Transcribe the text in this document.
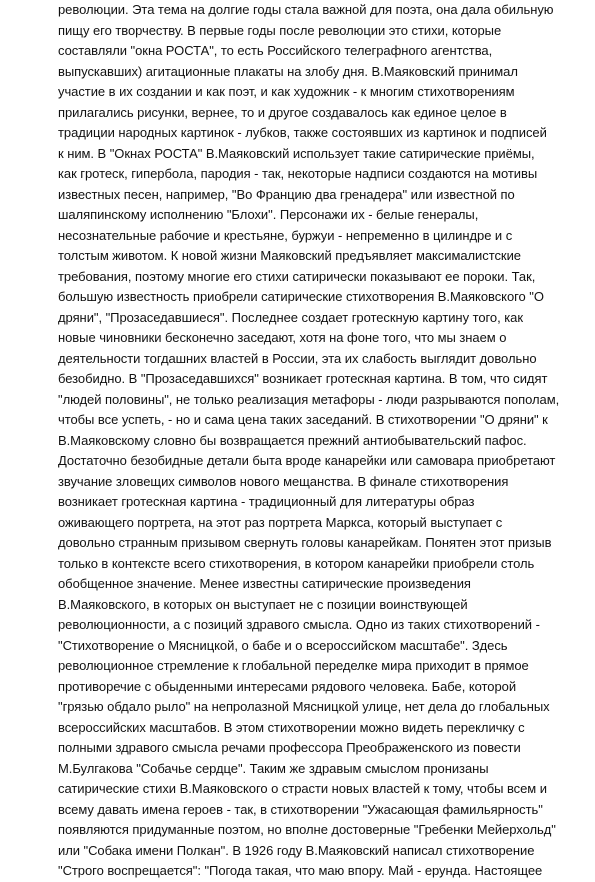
революции. Эта тема на долгие годы стала важной для поэта, она дала обильную
пищу его творчеству. В первые годы после революции это стихи, которые
составляли "окна РОСТА", то есть Российского телеграфного агентства,
выпускавших) агитационные плакаты на злобу дня. В.Маяковский принимал
участие в их создании и как поэт, и как художник - к многим стихотворениям
прилагались рисунки, вернее, то и другое создавалось как единое целое в
традиции народных картинок - лубков, также состоявших из картинок и подписей
к ним. В "Окнах РОСТА" В.Маяковский использует такие сатирические приёмы,
как гротеск, гипербола, пародия - так, некоторые надписи создаются на мотивы
известных песен, например, "Во Францию два гренадера" или известной по
шаляпинскому исполнению "Блохи". Персонажи их - белые генералы,
несознательные рабочие и крестьяне, буржуи - непременно в цилиндре и с
толстым животом. К новой жизни Маяковский предъявляет максималистские
требования, поэтому многие его стихи сатирически показывают ее пороки. Так,
большую известность приобрели сатирические стихотворения В.Маяковского "О
дряни", "Прозаседавшиеся". Последнее создает гротескную картину того, как
новые чиновники бесконечно заседают, хотя на фоне того, что мы знаем о
деятельности тогдашних властей в России, эта их слабость выглядит довольно
безобидно. В "Прозаседавшихся" возникает гротескная картина. В том, что сидят
"людей половины", не только реализация метафоры - люди разрываются пополам,
чтобы все успеть, - но и сама цена таких заседаний. В стихотворении "О дряни" к
В.Маяковскому словно бы возвращается прежний антиобывательский пафос.
Достаточно безобидные детали быта вроде канарейки или самовара приобретают
звучание зловещих символов нового мещанства. В финале стихотворения
возникает гротескная картина - традиционный для литературы образ
оживающего портрета, на этот раз портрета Маркса, который выступает с
довольно странным призывом свернуть головы канарейкам. Понятен этот призыв
только в контексте всего стихотворения, в котором канарейки приобрели столь
обобщенное значение. Менее известны сатирические произведения
В.Маяковского, в которых он выступает не с позиции воинствующей
революционности, а с позиций здравого смысла. Одно из таких стихотворений -
"Стихотворение о Мясницкой, о бабе и о всероссийском масштабе". Здесь
революционное стремление к глобальной переделке мира приходит в прямое
противоречие с обыденными интересами рядового человека. Бабе, которой
"грязью обдало рыло" на непролазной Мясницкой улице, нет дела до глобальных
всероссийских масштабов. В этом стихотворении можно видеть перекличку с
полными здравого смысла речами профессора Преображенского из повести
М.Булгакова "Собачье сердце". Таким же здравым смыслом пронизаны
сатирические стихи В.Маяковского о страсти новых властей к тому, чтобы всем и
всему давать имена героев - так, в стихотворении "Ужасающая фамильярность"
появляются придуманные поэтом, но вполне достоверные "Гребенки Мейерхольд"
или "Собака имени Полкан". В 1926 году В.Маяковский написал стихотворение
"Строго воспрещается": "Погода такая, что маю впору. Май - ерунда. Настоящее
